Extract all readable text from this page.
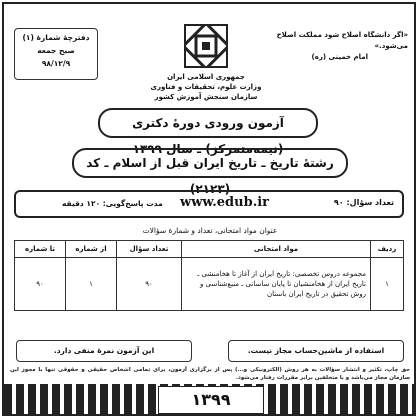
دفترچۀ شمارۀ (۱)
صبح جمعه
۹۸/۱۲/۹
«اگر دانشگاه اصلاح شود مملکت اصلاح می‌شود.»
امام خمینی (ره)
جمهوری اسلامی ایران
وزارت علوم، تحقیقات و فناوری
سازمان سنجش آموزش کشور
آزمون ورودی دورهٔ دکتری (نیمه‌متمرکز) ـ سال ۱۳۹۹
رشتهٔ تاریخ ـ تاریخ ایران قبل از اسلام ـ کد (۲۱۲۳)
تعداد سؤال: ۹۰
www.edub.ir
مدت پاسخ‌گویی: ۱۲۰ دقیقه
عنوان مواد امتحانی، تعداد و شمارهٔ سؤالات
ردیف	مواد امتحانی	تعداد سؤال	از شماره	تا شماره
۱	مجموعه دروس تخصصی: تاریخ ایران از آغاز تا هخامنشی ـ تاریخ ایران از هخامنشیان تا پایان ساسانی ـ منبع‌شناسی و روش تحقیق در تاریخ ایران باستان	۹۰	۱	۹۰
استفاده از ماشین‌حساب مجاز نیست.
این آزمون نمرهٔ منفی دارد.
حق چاپ، تکثیر و انتشار سؤالات به هر روش (الکترونیکی و...) پس از برگزاری آزمون، برای تمامی اشخاص حقیقی و حقوقی تنها با مجوز این سازمان مجاز می‌باشد و با متخلفین برابر مقررات رفتار می‌شود.
۱۳۹۹
